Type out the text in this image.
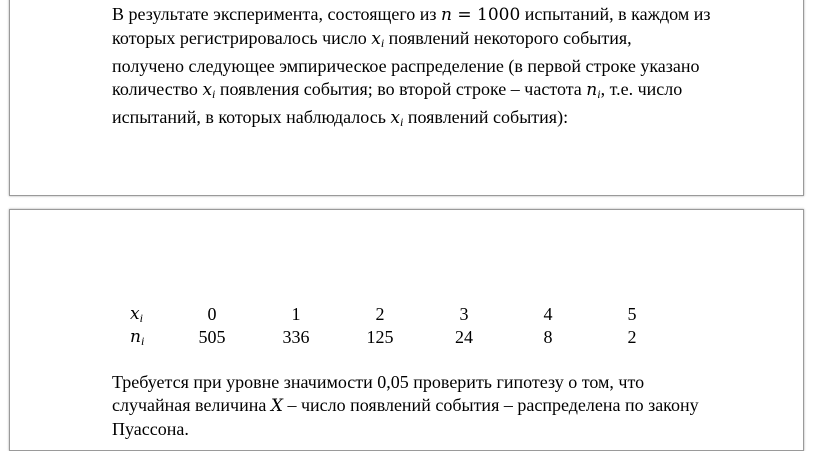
В результате эксперимента, состоящего из n = 1000 испытаний, в каждом из
которых регистрировалось число $x_i$ появлений некоторого события,
получено следующее эмпирическое распределение (в первой строке указано
количество $x_i$ появления события; во второй строке – частота $n_i$, т.е. число
испытаний, в которых наблюдалось $x_i$ появлений события):
$x_i$	0	1	2	3	4	5
$n_i$	505	336	125	24	8	2
Требуется при уровне значимости 0,05 проверить гипотезу о том, что
случайная величина X – число появлений события – распределена по закону
Пуассона.
